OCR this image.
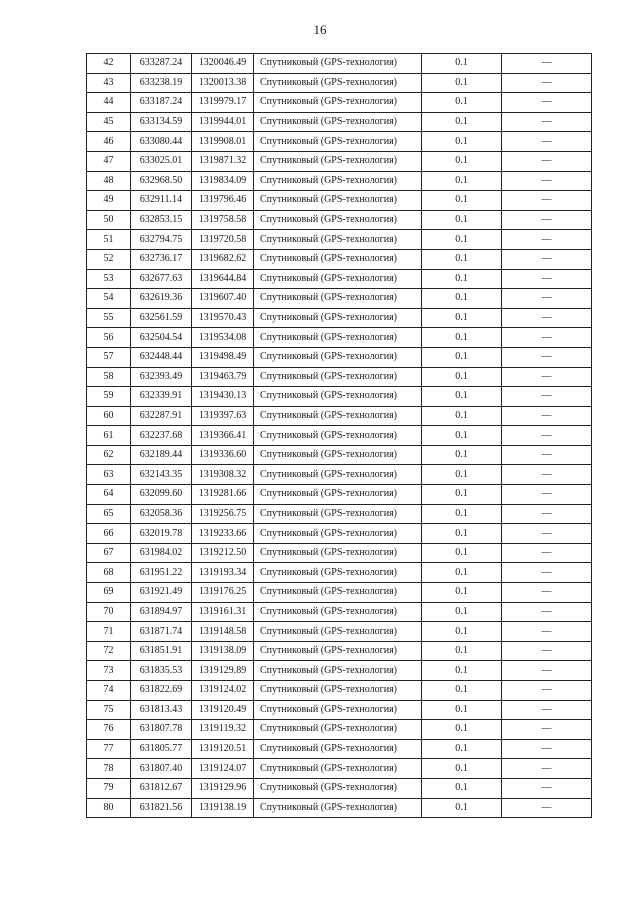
16
42	633287.24	1320046.49	Спутниковый (GPS-технология)	0.1	—
43	633238.19	1320013.38	Спутниковый (GPS-технология)	0.1	—
44	633187.24	1319979.17	Спутниковый (GPS-технология)	0.1	—
45	633134.59	1319944.01	Спутниковый (GPS-технология)	0.1	—
46	633080.44	1319908.01	Спутниковый (GPS-технология)	0.1	—
47	633025.01	1319871.32	Спутниковый (GPS-технология)	0.1	—
48	632968.50	1319834.09	Спутниковый (GPS-технология)	0.1	—
49	632911.14	1319796.46	Спутниковый (GPS-технология)	0.1	—
50	632853.15	1319758.58	Спутниковый (GPS-технология)	0.1	—
51	632794.75	1319720.58	Спутниковый (GPS-технология)	0.1	—
52	632736.17	1319682.62	Спутниковый (GPS-технология)	0.1	—
53	632677.63	1319644.84	Спутниковый (GPS-технология)	0.1	—
54	632619.36	1319607.40	Спутниковый (GPS-технология)	0.1	—
55	632561.59	1319570.43	Спутниковый (GPS-технология)	0.1	—
56	632504.54	1319534.08	Спутниковый (GPS-технология)	0.1	—
57	632448.44	1319498.49	Спутниковый (GPS-технология)	0.1	—
58	632393.49	1319463.79	Спутниковый (GPS-технология)	0.1	—
59	632339.91	1319430.13	Спутниковый (GPS-технология)	0.1	—
60	632287.91	1319397.63	Спутниковый (GPS-технология)	0.1	—
61	632237.68	1319366.41	Спутниковый (GPS-технология)	0.1	—
62	632189.44	1319336.60	Спутниковый (GPS-технология)	0.1	—
63	632143.35	1319308.32	Спутниковый (GPS-технология)	0.1	—
64	632099.60	1319281.66	Спутниковый (GPS-технология)	0.1	—
65	632058.36	1319256.75	Спутниковый (GPS-технология)	0.1	—
66	632019.78	1319233.66	Спутниковый (GPS-технология)	0.1	—
67	631984.02	1319212.50	Спутниковый (GPS-технология)	0.1	—
68	631951.22	1319193.34	Спутниковый (GPS-технология)	0.1	—
69	631921.49	1319176.25	Спутниковый (GPS-технология)	0.1	—
70	631894.97	1319161.31	Спутниковый (GPS-технология)	0.1	—
71	631871.74	1319148.58	Спутниковый (GPS-технология)	0.1	—
72	631851.91	1319138.09	Спутниковый (GPS-технология)	0.1	—
73	631835.53	1319129.89	Спутниковый (GPS-технология)	0.1	—
74	631822.69	1319124.02	Спутниковый (GPS-технология)	0.1	—
75	631813.43	1319120.49	Спутниковый (GPS-технология)	0.1	—
76	631807.78	1319119.32	Спутниковый (GPS-технология)	0.1	—
77	631805.77	1319120.51	Спутниковый (GPS-технология)	0.1	—
78	631807.40	1319124.07	Спутниковый (GPS-технология)	0.1	—
79	631812.67	1319129.96	Спутниковый (GPS-технология)	0.1	—
80	631821.56	1319138.19	Спутниковый (GPS-технология)	0.1	—
